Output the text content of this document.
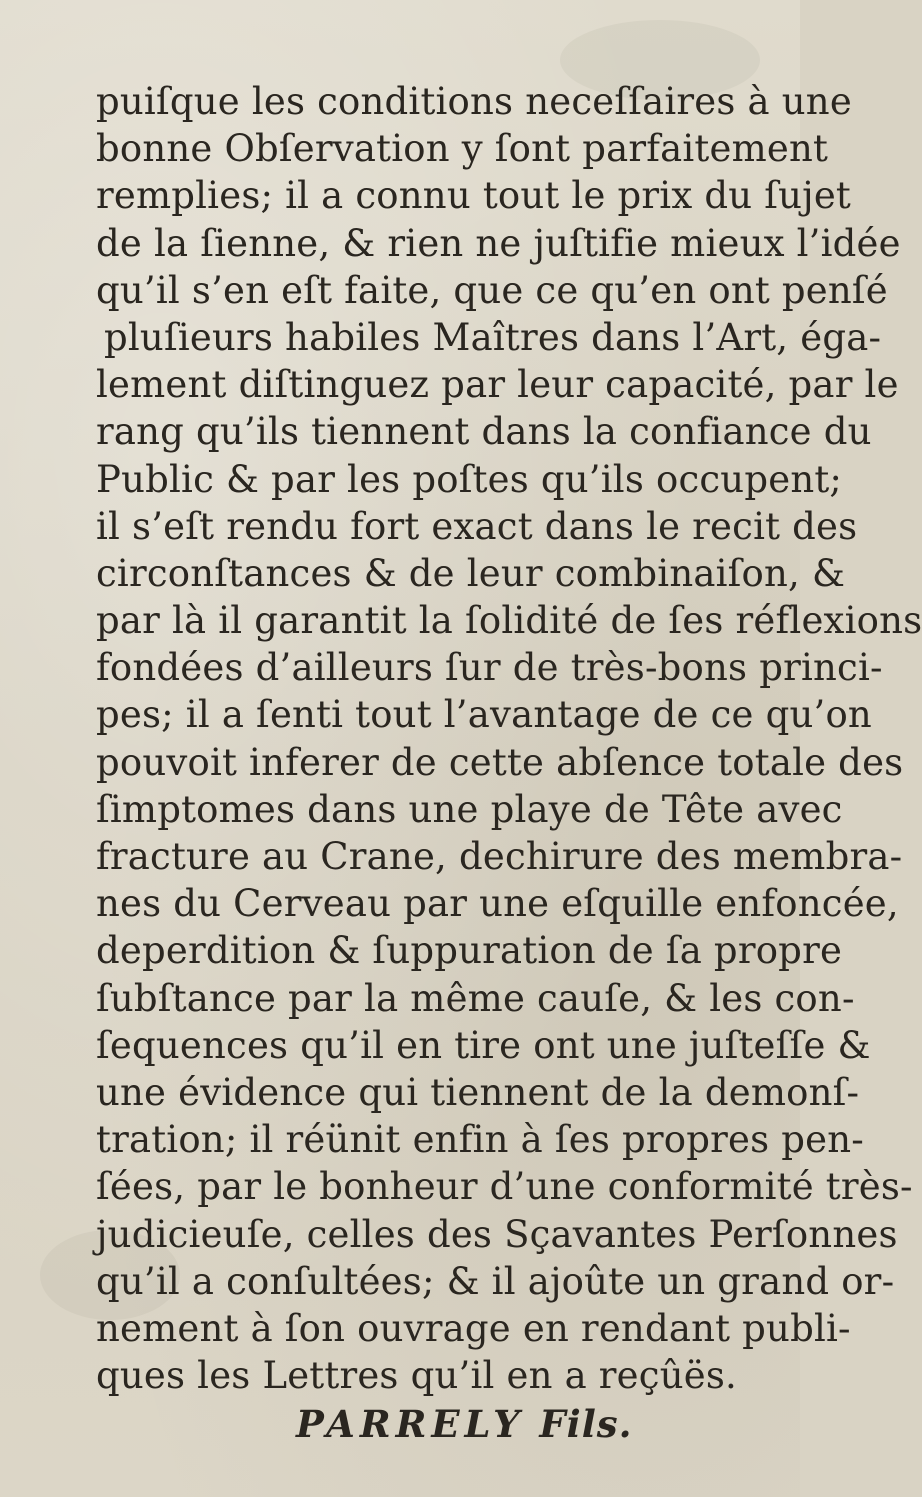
puiſque les conditions neceſſaires à une
bonne Obſervation y ſont parfaitement
remplies; il a connu tout le prix du ſujet
de la ſienne, & rien ne juſtifie mieux l’idée
qu’il s’en eſt faite, que ce qu’en ont penſé
pluſieurs habiles Maîtres dans l’Art, éga-
lement diſtinguez par leur capacité, par le
rang qu’ils tiennent dans la confiance du
Public & par les poſtes qu’ils occupent;
il s’eſt rendu fort exact dans le recit des
circonſtances & de leur combinaiſon, &
par là il garantit la ſolidité de ſes réflexions
fondées d’ailleurs ſur de très-bons princi-
pes; il a ſenti tout l’avantage de ce qu’on
pouvoit inferer de cette abſence totale des
ſimptomes dans une playe de Tête avec
fracture au Crane, dechirure des membra-
nes du Cerveau par une eſquille enfoncée,
deperdition & ſuppuration de ſa propre
ſubſtance par la même cauſe, & les con-
ſequences qu’il en tire ont une juſteſſe &
une évidence qui tiennent de la demonſ-
tration; il réünit enfin à ſes propres pen-
ſées, par le bonheur d’une conformité très-
judicieuſe, celles des Sçavantes Perſonnes
qu’il a conſultées; & il ajoûte un grand or-
nement à ſon ouvrage en rendant publi-
ques les Lettres qu’il en a reçûës.
PARRELY Fils.
